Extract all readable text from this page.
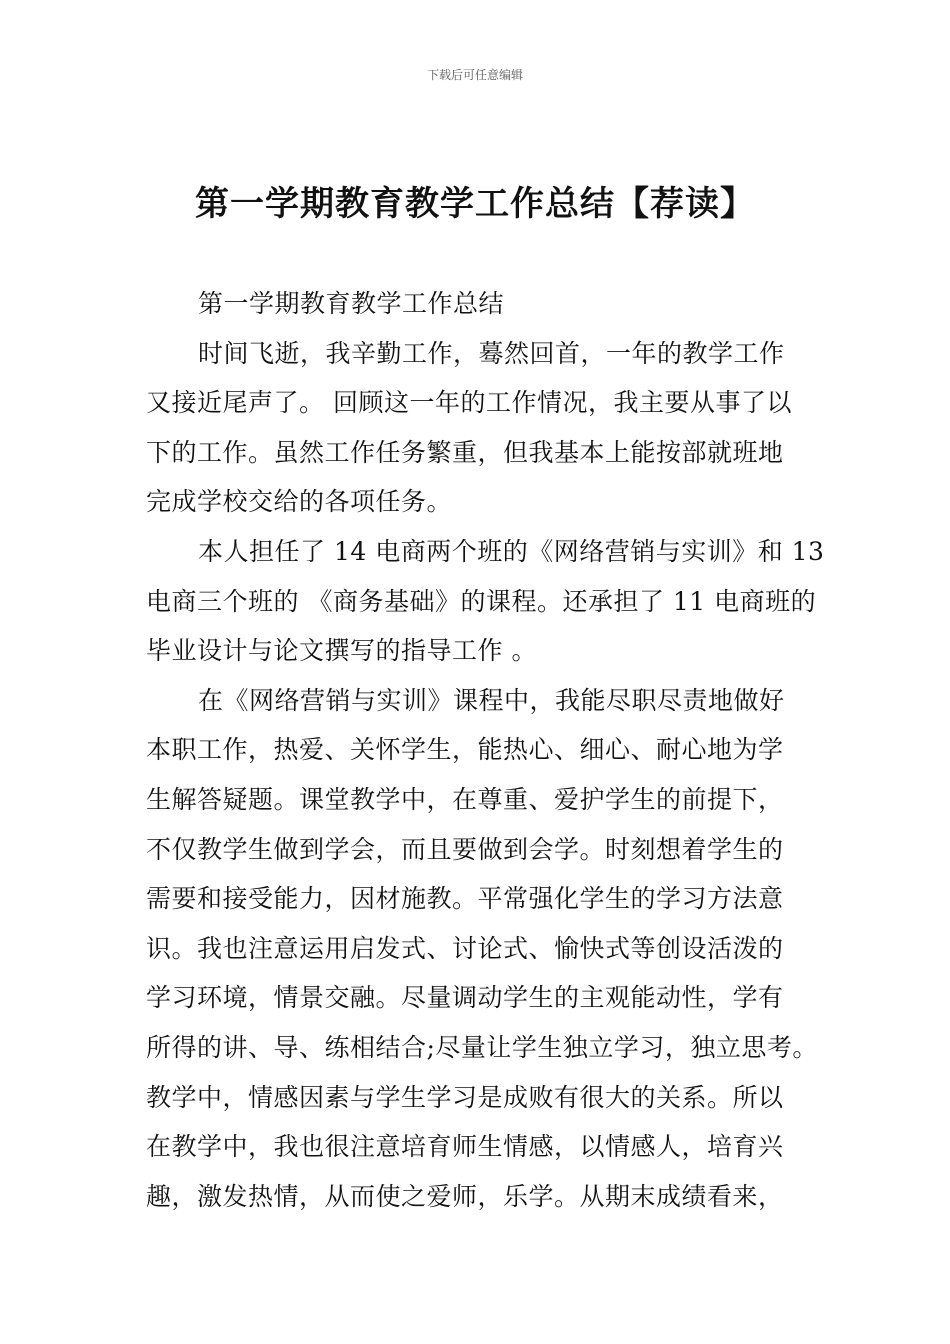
下载后可任意编辑
第一学期教育教学工作总结【荐读】
第一学期教育教学工作总结
时间飞逝，我辛勤工作，蓦然回首，一年的教学工作
又接近尾声了。 回顾这一年的工作情况，我主要从事了以
下的工作。虽然工作任务繁重，但我基本上能按部就班地
完成学校交给的各项任务。
本人担任了 14 电商两个班的《网络营销与实训》和 13
电商三个班的 《商务基础》的课程。还承担了 11 电商班的
毕业设计与论文撰写的指导工作 。
在《网络营销与实训》课程中，我能尽职尽责地做好
本职工作，热爱、关怀学生，能热心、细心、耐心地为学
生解答疑题。课堂教学中，在尊重、爱护学生的前提下，
不仅教学生做到学会，而且要做到会学。时刻想着学生的
需要和接受能力，因材施教。平常强化学生的学习方法意
识。我也注意运用启发式、讨论式、愉快式等创设活泼的
学习环境，情景交融。尽量调动学生的主观能动性，学有
所得的讲、导、练相结合;尽量让学生独立学习，独立思考。
教学中，情感因素与学生学习是成败有很大的关系。所以
在教学中，我也很注意培育师生情感，以情感人，培育兴
趣，激发热情，从而使之爱师，乐学。从期末成绩看来，
